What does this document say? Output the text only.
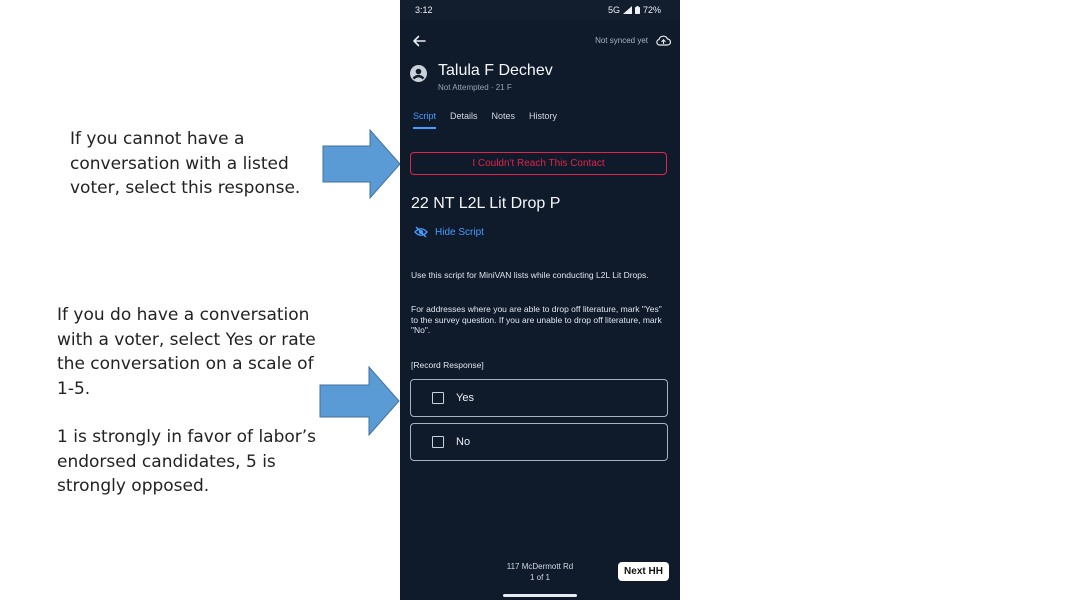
If you cannot have a conversation with a listed voter, select this response.

If you do have a conversation with a voter, select Yes or rate the conversation on a scale of 1-5.

1 is strongly in favor of labor’s endorsed candidates, 5 is strongly opposed.

3:12	5G	72%
Not synced yet
Talula F Dechev
Not Attempted · 21 F
Script Details Notes History
I Couldn't Reach This Contact
22 NT L2L Lit Drop P
Hide Script

Use this script for MiniVAN lists while conducting L2L Lit Drops.

For addresses where you are able to drop off literature, mark "Yes" to the survey question. If you are unable to drop off literature, mark "No".

[Record Response]
Yes
No
117 McDermott Rd
1 of 1
Next HH
